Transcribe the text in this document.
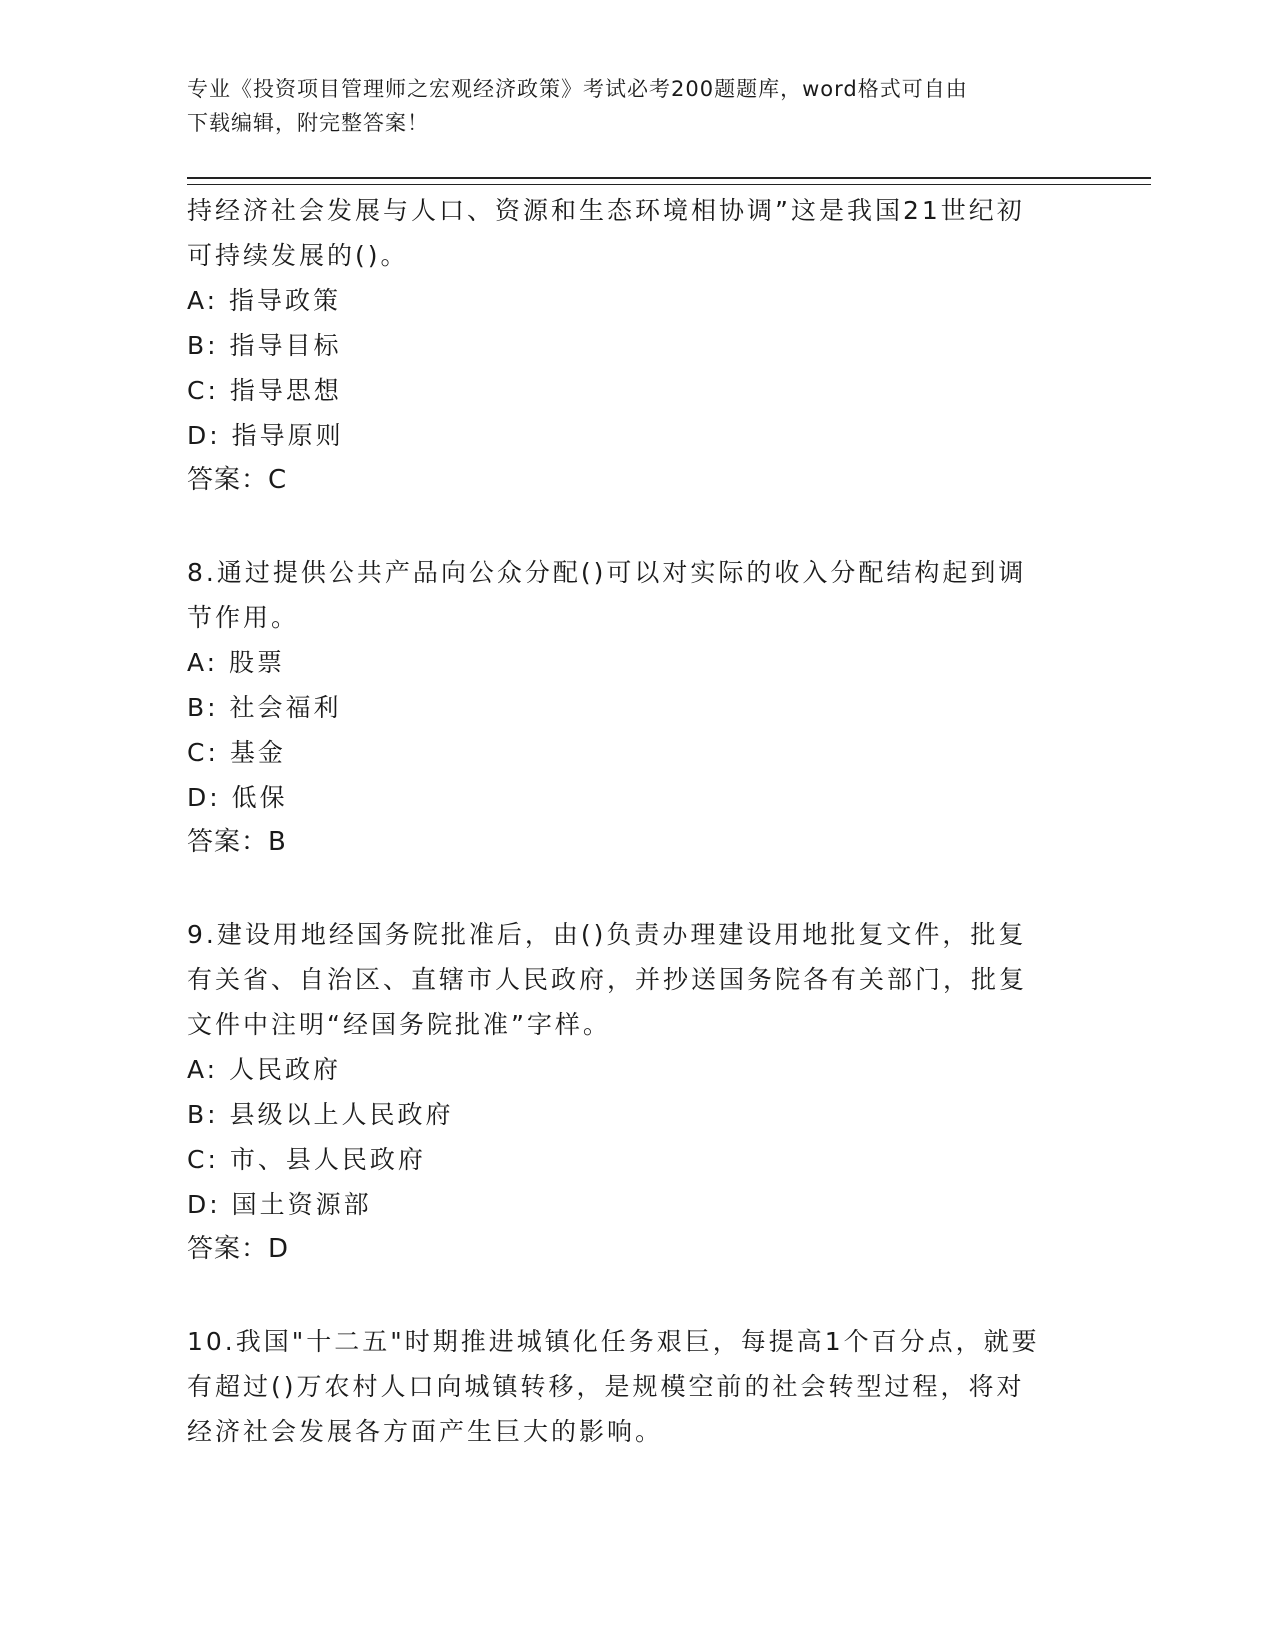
专业《投资项目管理师之宏观经济政策》考试必考200题题库，word格式可自由
下载编辑，附完整答案！
持经济社会发展与人口、资源和生态环境相协调”这是我国21世纪初
可持续发展的()。
A: 指导政策
B: 指导目标
C: 指导思想
D: 指导原则
答案：C
8.通过提供公共产品向公众分配()可以对实际的收入分配结构起到调
节作用。
A: 股票
B: 社会福利
C: 基金
D: 低保
答案：B
9.建设用地经国务院批准后，由()负责办理建设用地批复文件，批复
有关省、自治区、直辖市人民政府，并抄送国务院各有关部门，批复
文件中注明“经国务院批准”字样。
A: 人民政府
B: 县级以上人民政府
C: 市、县人民政府
D: 国土资源部
答案：D
10.我国"十二五"时期推进城镇化任务艰巨，每提高1个百分点，就要
有超过()万农村人口向城镇转移，是规模空前的社会转型过程，将对
经济社会发展各方面产生巨大的影响。
